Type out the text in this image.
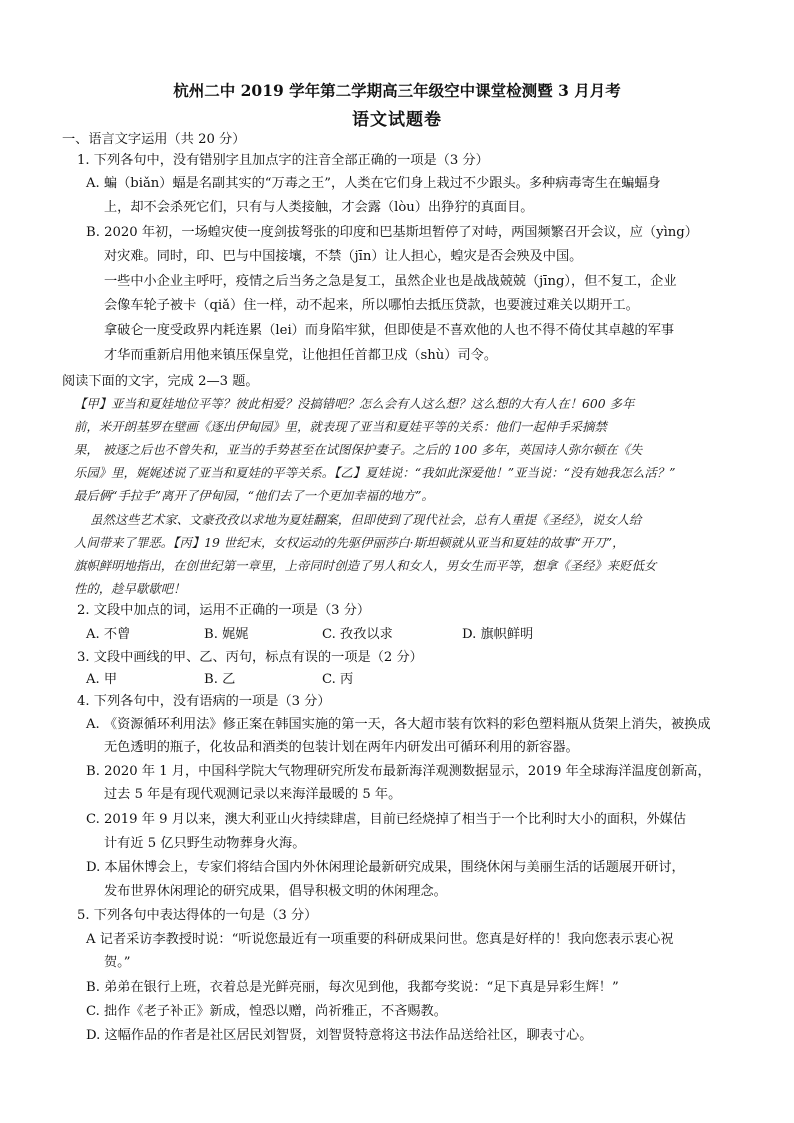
杭州二中 2019 学年第二学期高三年级空中课堂检测暨 3 月月考
语文试题卷
一、语言文字运用（共 20 分）
1. 下列各句中，没有错别字且加点字的注音全部正确的一项是（3 分）
A. 蝙（biǎn）蝠是名副其实的“万毒之王”，人类在它们身上栽过不少跟头。多种病毒寄生在蝙蝠身
上，却不会杀死它们，只有与人类接触，才会露（lòu）出狰狞的真面目。
B. 2020 年初，一场蝗灾使一度剑拔弩张的印度和巴基斯坦暂停了对峙，两国频繁召开会议，应（yìng）
对灾难。同时，印、巴与中国接壤，不禁（jīn）让人担心，蝗灾是否会殃及中国。
一些中小企业主呼吁，疫情之后当务之急是复工，虽然企业也是战战兢兢（jīng），但不复工，企业
会像车轮子被卡（qiǎ）住一样，动不起来，所以哪怕去抵压贷款，也要渡过难关以期开工。
拿破仑一度受政界内耗连累（lei）而身陷牢狱，但即使是不喜欢他的人也不得不倚仗其卓越的军事
才华而重新启用他来镇压保皇党，让他担任首都卫戍（shù）司令。
阅读下面的文字，完成 2—3 题。
【甲】亚当和夏娃地位平等？彼此相爱？没搞错吧？怎么会有人这么想？这么想的大有人在！600 多年
前，米开朗基罗在壁画《逐出伊甸园》里，就表现了亚当和夏娃平等的关系：他们一起伸手采摘禁
果， 被逐之后也不曾失和，亚当的手势甚至在试图保护妻子。之后的 100 多年，英国诗人弥尔顿在《失
乐园》里，娓娓述说了亚当和夏娃的平等关系。【乙】夏娃说：“我如此深爱他！”亚当说：“没有她我怎么活？”
最后俩“手拉手”离开了伊甸园，“他们去了一个更加幸福的地方”。
虽然这些艺术家、文豪孜孜以求地为夏娃翻案，但即使到了现代社会，总有人重提《圣经》，说女人给
人间带来了罪恶。【丙】19 世纪末，女权运动的先驱伊丽莎白·斯坦顿就从亚当和夏娃的故事“开刀”，
旗帜鲜明地指出，在创世纪第一章里，上帝同时创造了男人和女人，男女生而平等，想拿《圣经》来贬低女
性的，趁早歇歇吧！
2. 文段中加点的词，运用不正确的一项是（3 分）
A. 不曾	B. 娓娓	C. 孜孜以求	D. 旗帜鲜明
3. 文段中画线的甲、乙、丙句，标点有误的一项是（2 分）
A. 甲	B. 乙	C. 丙
4. 下列各句中，没有语病的一项是（3 分）
A. 《资源循环利用法》修正案在韩国实施的第一天，各大超市装有饮料的彩色塑料瓶从货架上消失，被换成
无色透明的瓶子，化妆品和酒类的包装计划在两年内研发出可循环利用的新容器。
B. 2020 年 1 月，中国科学院大气物理研究所发布最新海洋观测数据显示，2019 年全球海洋温度创新高，
过去 5 年是有现代观测记录以来海洋最暖的 5 年。
C. 2019 年 9 月以来，澳大利亚山火持续肆虐，目前已经烧掉了相当于一个比利时大小的面积，外媒估
计有近 5 亿只野生动物葬身火海。
D. 本届休博会上，专家们将结合国内外休闲理论最新研究成果，围绕休闲与美丽生活的话题展开研讨，
发布世界休闲理论的研究成果，倡导积极文明的休闲理念。
5. 下列各句中表达得体的一句是（3 分）
A 记者采访李教授时说：“听说您最近有一项重要的科研成果问世。您真是好样的！我向您表示衷心祝
贺。”
B. 弟弟在银行上班，衣着总是光鲜亮丽，每次见到他，我都夸奖说：“足下真是异彩生辉！”
C. 拙作《老子补正》新成，惶恐以赠，尚祈雅正，不吝赐教。
D. 这幅作品的作者是社区居民刘智贤，刘智贤特意将这书法作品送给社区，聊表寸心。
